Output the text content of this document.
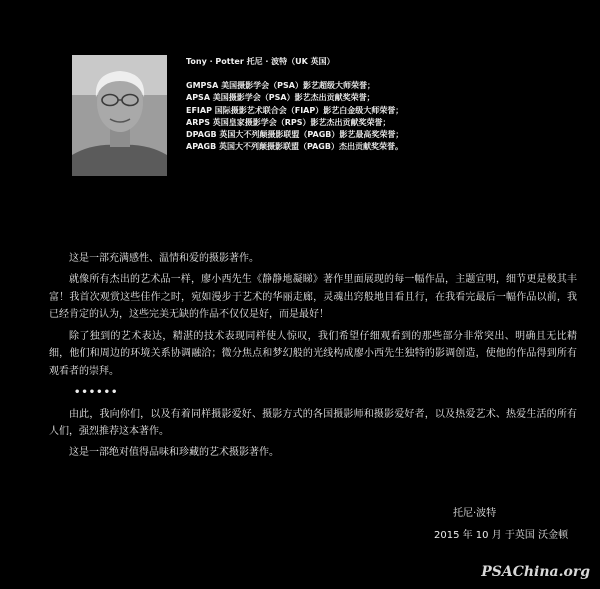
Tony · Potter 托尼 · 波特（UK 英国）

GMPSA 美国摄影学会（PSA）影艺超级大师荣誉；

APSA 美国摄影学会（PSA）影艺杰出贡献奖荣誉；

EFIAP 国际摄影艺术联合会（FIAP）影艺白金级大师荣誉；

ARPS 英国皇家摄影学会（RPS）影艺杰出贡献奖荣誉；

DPAGB 英国大不列颠摄影联盟（PAGB）影艺最高奖荣誉；

APAGB 英国大不列颠摄影联盟（PAGB）杰出贡献奖荣誉。

这是一部充满感性、温情和爱的摄影著作。

就像所有杰出的艺术品一样，廖小西先生《静静地凝睇》著作里面展现的每一幅作品，主题宣明，细节更是极其丰富！我首次观赏这些佳作之时，宛如漫步于艺术的华丽走廊，灵魂出窍般地目看且行，在我看完最后一幅作品以前，我已经肯定的认为，这些完美无缺的作品不仅仅是好，而是最好！

除了独到的艺术表达，精湛的技术表现同样使人惊叹，我们希望仔细观看到的那些部分非常突出、明确且无比精细，他们和周边的环境关系协调融洽；微分焦点和梦幻般的光线构成廖小西先生独特的影调创造，使他的作品得到所有观看者的崇拜。

••••••

由此，我向你们，以及有着同样摄影爱好、摄影方式的各国摄影师和摄影爱好者，以及热爱艺术、热爱生活的所有人们，强烈推荐这本著作。

这是一部绝对值得品味和珍藏的艺术摄影著作。

托尼·波特
2015 年 10 月 于英国 沃金顿
PSAChina.org
